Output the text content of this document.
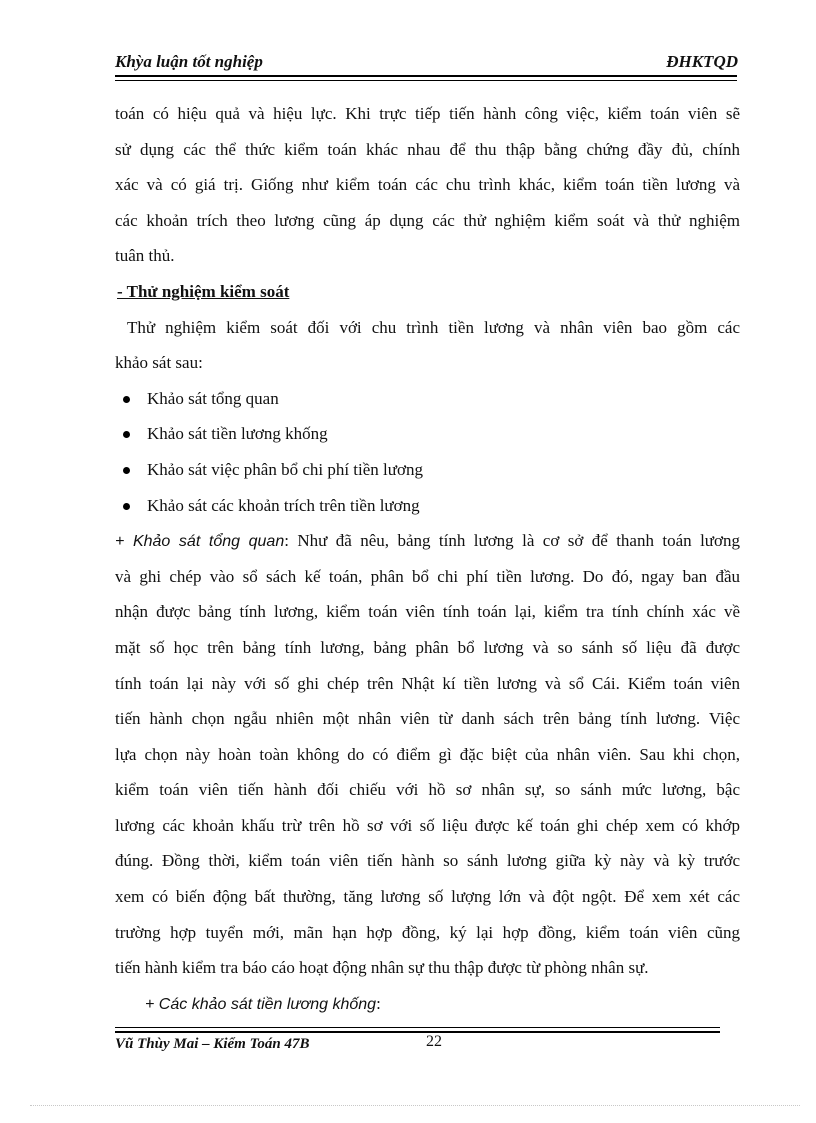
Khỳa luận tốt nghiệp	ĐHKTQD
toán có hiệu quả và hiệu lực. Khi trực tiếp tiến hành công việc, kiểm toán viên sẽ
sử dụng các thể thức kiểm toán khác nhau để thu thập bằng chứng đầy đủ, chính
xác và có giá trị. Giống như kiểm toán các chu trình khác, kiểm toán tiền lương và
các khoản trích theo lương cũng áp dụng các thử nghiệm kiểm soát và thử nghiệm
tuân thủ.
- Thử nghiệm kiểm soát
Thử nghiệm kiểm soát đối với chu trình tiền lương và nhân viên bao gồm các
khảo sát sau:
Khảo sát tổng quan
Khảo sát tiền lương khống
Khảo sát việc phân bổ chi phí tiền lương
Khảo sát các khoản trích trên tiền lương
+ Khảo sát tổng quan: Như đã nêu, bảng tính lương là cơ sở để thanh toán lương
và ghi chép vào sổ sách kế toán, phân bổ chi phí tiền lương. Do đó, ngay ban đầu
nhận được bảng tính lương, kiểm toán viên tính toán lại, kiểm tra tính chính xác về
mặt số học trên bảng tính lương, bảng phân bổ lương và so sánh số liệu đã được
tính toán lại này với số ghi chép trên Nhật kí tiền lương và sổ Cái. Kiểm toán viên
tiến hành chọn ngẫu nhiên một nhân viên từ danh sách trên bảng tính lương. Việc
lựa chọn này hoàn toàn không do có điểm gì đặc biệt của nhân viên. Sau khi chọn,
kiểm toán viên tiến hành đối chiếu với hồ sơ nhân sự, so sánh mức lương, bậc
lương các khoản khấu trừ trên hồ sơ với số liệu được kế toán ghi chép xem có khớp
đúng. Đồng thời, kiểm toán viên tiến hành so sánh lương giữa kỳ này và kỳ trước
xem có biến động bất thường, tăng lương số lượng lớn và đột ngột. Để xem xét các
trường hợp tuyển mới, mãn hạn hợp đồng, ký lại hợp đồng, kiểm toán viên cũng
tiến hành kiểm tra báo cáo hoạt động nhân sự thu thập được từ phòng nhân sự.
+ Các khảo sát tiền lương khống:
Vũ Thùy Mai – Kiểm Toán 47B	22
